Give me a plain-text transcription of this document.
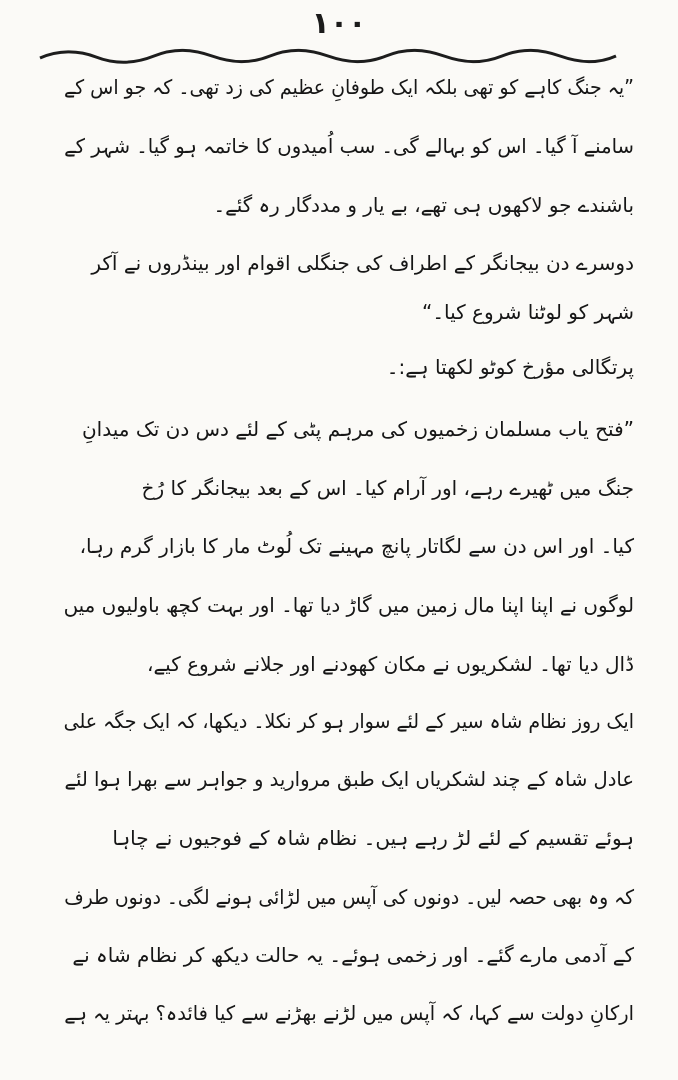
۱۰۰
”یہ جنگ کاہے کو تھی بلکہ ایک طوفانِ عظیم کی زد تھی۔ کہ جو اس کے
سامنے آ گیا۔ اس کو بہالے گی۔ سب اُمیدوں کا خاتمہ ہو گیا۔ شہر کے
باشندے جو لاکھوں ہی تھے، بے یار و مددگار رہ گئے۔
دوسرے دن بیجانگر کے اطراف کی جنگلی اقوام اور بینڈروں نے آکر
شہر کو لوٹنا شروع کیا۔“
پرتگالی مؤرخ کوٹو لکھتا ہے:۔
”فتح یاب مسلمان زخمیوں کی مرہم پٹی کے لئے دس دن تک میدانِ
جنگ میں ٹھیرے رہے، اور آرام کیا۔ اس کے بعد بیجانگر کا رُخ
کیا۔ اور اس دن سے لگاتار پانچ مہینے تک لُوٹ مار کا بازار گرم رہا،
لوگوں نے اپنا اپنا مال زمین میں گاڑ دیا تھا۔ اور بہت کچھ باولیوں میں
ڈال دیا تھا۔ لشکریوں نے مکان کھودنے اور جلانے شروع کیے،
ایک روز نظام شاہ سیر کے لئے سوار ہو کر نکلا۔ دیکھا، کہ ایک جگہ علی
عادل شاہ کے چند لشکریاں ایک طبق مروارید و جواہر سے بھرا ہوا لئے
ہوئے تقسیم کے لئے لڑ رہے ہیں۔ نظام شاہ کے فوجیوں نے چاہا
کہ وہ بھی حصہ لیں۔ دونوں کی آپس میں لڑائی ہونے لگی۔ دونوں طرف
کے آدمی مارے گئے۔ اور زخمی ہوئے۔ یہ حالت دیکھ کر نظام شاہ نے
ارکانِ دولت سے کہا، کہ آپس میں لڑنے بھڑنے سے کیا فائدہ؟ بہتر یہ ہے
